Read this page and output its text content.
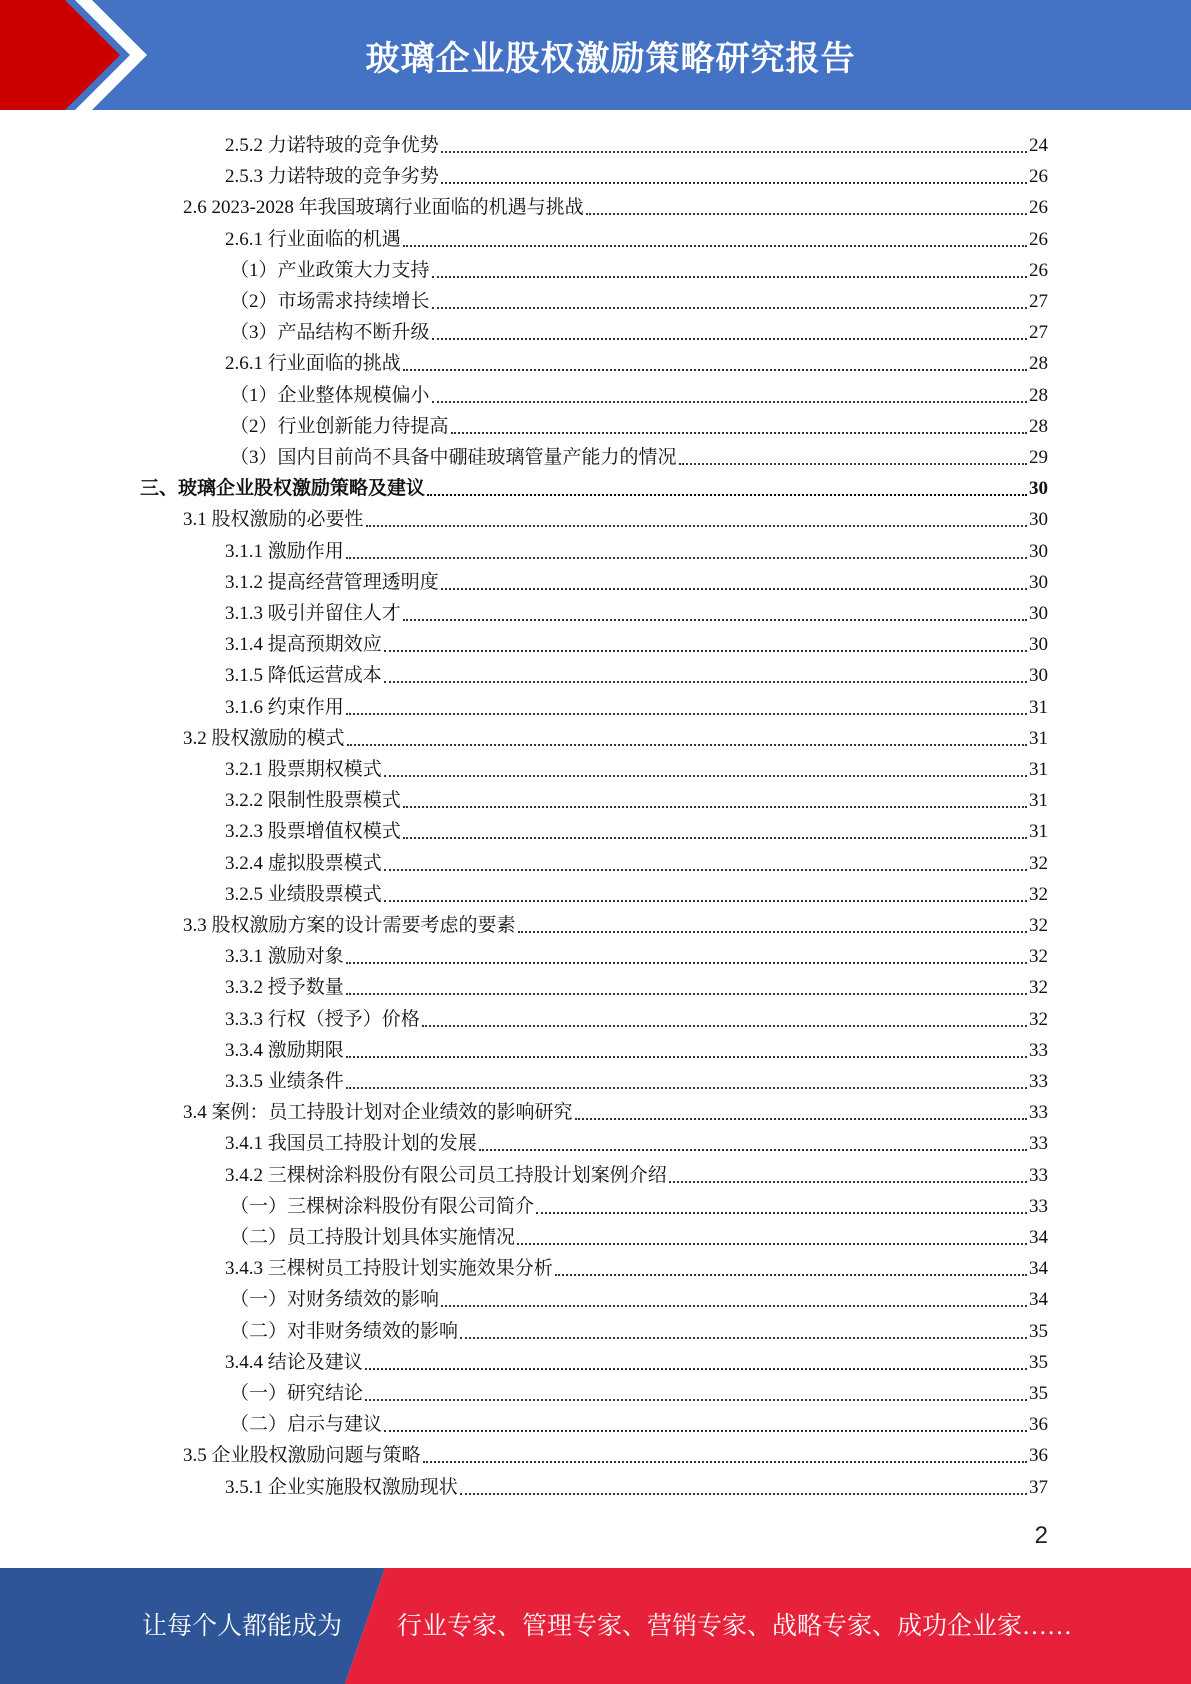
玻璃企业股权激励策略研究报告
2.5.2 力诺特玻的竞争优势	24
2.5.3 力诺特玻的竞争劣势	26
2.6 2023-2028 年我国玻璃行业面临的机遇与挑战	26
2.6.1 行业面临的机遇	26
（1）产业政策大力支持	26
（2）市场需求持续增长	27
（3）产品结构不断升级	27
2.6.1 行业面临的挑战	28
（1）企业整体规模偏小	28
（2）行业创新能力待提高	28
（3）国内目前尚不具备中硼硅玻璃管量产能力的情况	29
三、玻璃企业股权激励策略及建议	30
3.1 股权激励的必要性	30
3.1.1 激励作用	30
3.1.2 提高经营管理透明度	30
3.1.3 吸引并留住人才	30
3.1.4 提高预期效应	30
3.1.5 降低运营成本	30
3.1.6 约束作用	31
3.2 股权激励的模式	31
3.2.1 股票期权模式	31
3.2.2 限制性股票模式	31
3.2.3 股票增值权模式	31
3.2.4 虚拟股票模式	32
3.2.5 业绩股票模式	32
3.3 股权激励方案的设计需要考虑的要素	32
3.3.1 激励对象	32
3.3.2 授予数量	32
3.3.3 行权（授予）价格	32
3.3.4 激励期限	33
3.3.5 业绩条件	33
3.4 案例：员工持股计划对企业绩效的影响研究	33
3.4.1 我国员工持股计划的发展	33
3.4.2 三棵树涂料股份有限公司员工持股计划案例介绍	33
（一）三棵树涂料股份有限公司简介	33
（二）员工持股计划具体实施情况	34
3.4.3 三棵树员工持股计划实施效果分析	34
（一）对财务绩效的影响	34
（二）对非财务绩效的影响	35
3.4.4 结论及建议	35
（一）研究结论	35
（二）启示与建议	36
3.5 企业股权激励问题与策略	36
3.5.1 企业实施股权激励现状	37
2
让每个人都能成为 行业专家、管理专家、营销专家、战略专家、成功企业家……
